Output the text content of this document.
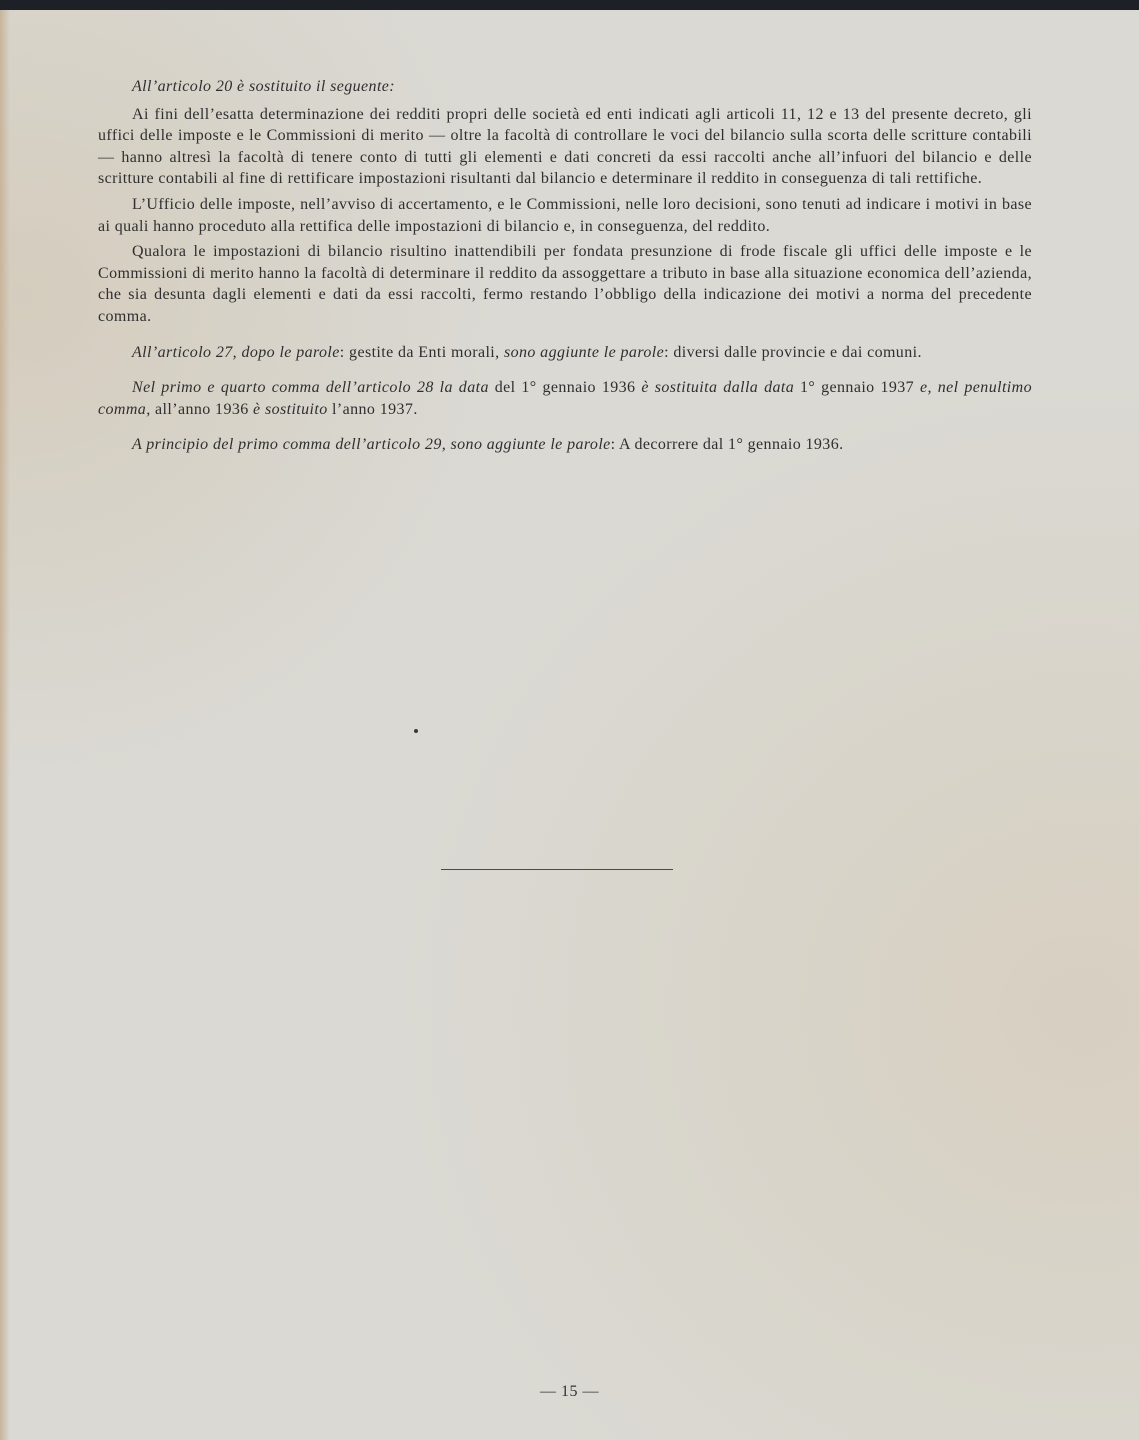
All’articolo 20 è sostituito il seguente:

Ai fini dell’esatta determinazione dei redditi propri delle società ed enti indicati agli articoli 11, 12 e 13 del presente decreto, gli uffici delle imposte e le Commissioni di merito — oltre la facoltà di controllare le voci del bilancio sulla scorta delle scritture contabili — hanno altresì la facoltà di tenere conto di tutti gli elementi e dati concreti da essi raccolti anche all’infuori del bilancio e delle scritture contabili al fine di rettificare impostazioni risultanti dal bilancio e determinare il reddito in conseguenza di tali rettifiche.

L’Ufficio delle imposte, nell’avviso di accertamento, e le Commissioni, nelle loro decisioni, sono tenuti ad indicare i motivi in base ai quali hanno proceduto alla rettifica delle impostazioni di bilancio e, in conseguenza, del reddito.

Qualora le impostazioni di bilancio risultino inattendibili per fondata presunzione di frode fiscale gli uffici delle imposte e le Commissioni di merito hanno la facoltà di determinare il reddito da assoggettare a tributo in base alla situazione economica dell’azienda, che sia desunta dagli elementi e dati da essi raccolti, fermo restando l’obbligo della indicazione dei motivi a norma del precedente comma.

All’articolo 27, dopo le parole: gestite da Enti morali, sono aggiunte le parole: diversi dalle provincie e dai comuni.

Nel primo e quarto comma dell’articolo 28 la data del 1° gennaio 1936 è sostituita dalla data 1° gennaio 1937 e, nel penultimo comma, all’anno 1936 è sostituito l’anno 1937.

A principio del primo comma dell’articolo 29, sono aggiunte le parole: A decorrere dal 1° gennaio 1936.

— 15 —
